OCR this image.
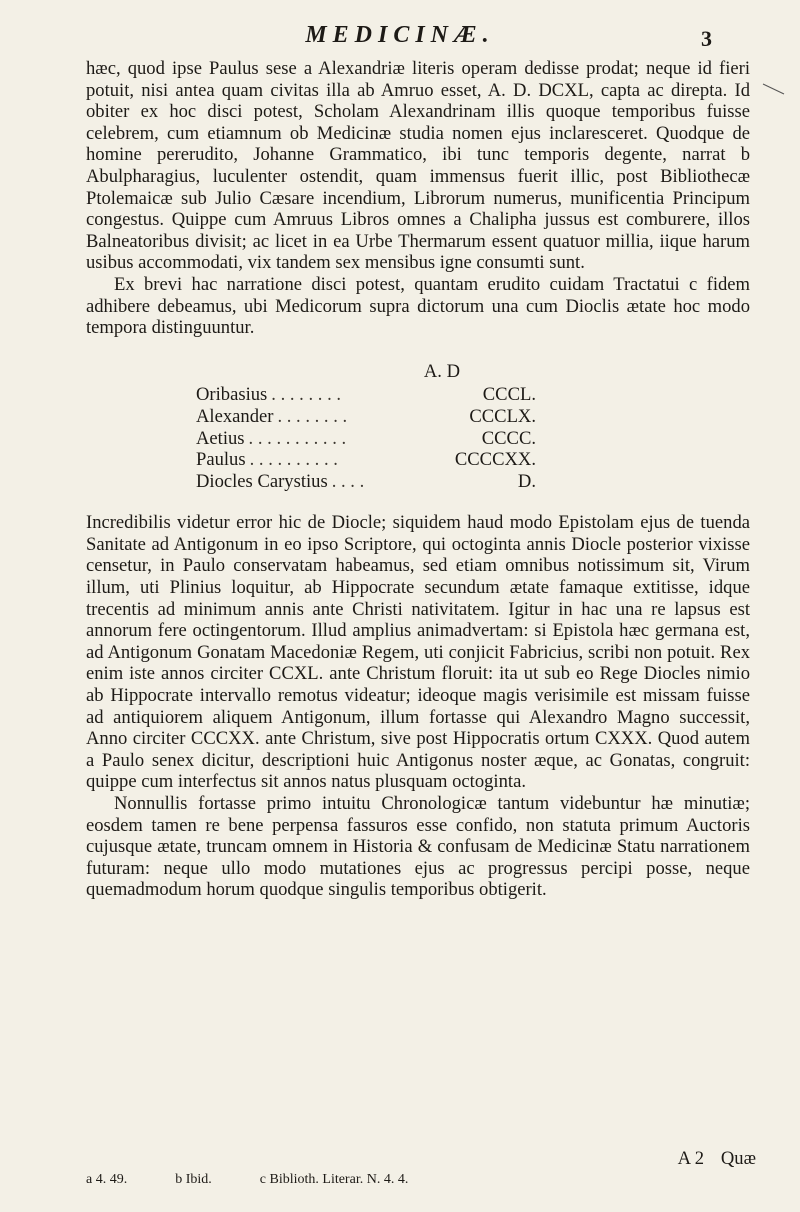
MEDICINÆ.	3

hæc, quod ipse Paulus sese a Alexandriæ literis operam dedisse prodat; neque id fieri potuit, nisi antea quam civitas illa ab Amruo esset, A. D. DCXL, capta ac direpta. Id obiter ex hoc disci potest, Scholam Alexandrinam illis quoque temporibus fuisse celebrem, cum etiamnum ob Medicinæ studia nomen ejus inclaresceret. Quodque de homine pererudito, Johanne Grammatico, ibi tunc temporis degente, narrat b Abulpharagius, luculenter ostendit, quam immensus fuerit illic, post Bibliothecæ Ptolemaicæ sub Julio Cæsare incendium, Librorum numerus, munificentia Principum congestus. Quippe cum Amruus Libros omnes a Chalipha jussus est comburere, illos Balneatoribus divisit; ac licet in ea Urbe Thermarum essent quatuor millia, iique harum usibus accommodati, vix tandem sex mensibus igne consumti sunt.

Ex brevi hac narratione disci potest, quantam erudito cuidam Tractatui c fidem adhibere debeamus, ubi Medicorum supra dictorum una cum Dioclis ætate hoc modo tempora distinguuntur.

A. D
Oribasius . . . . . . . .	CCCL.
Alexander . . . . . . . .	CCCLX.
Aetius . . . . . . . . . . .	CCCC.
Paulus . . . . . . . . . .	CCCCXX.
Diocles Carystius . . . .	D.

Incredibilis videtur error hic de Diocle; siquidem haud modo Epistolam ejus de tuenda Sanitate ad Antigonum in eo ipso Scriptore, qui octoginta annis Diocle posterior vixisse censetur, in Paulo conservatam habeamus, sed etiam omnibus notissimum sit, Virum illum, uti Plinius loquitur, ab Hippocrate secundum ætate famaque extitisse, idque trecentis ad minimum annis ante Christi nativitatem. Igitur in hac una re lapsus est annorum fere octingentorum. Illud amplius animadvertam: si Epistola hæc germana est, ad Antigonum Gonatam Macedoniæ Regem, uti conjicit Fabricius, scribi non potuit. Rex enim iste annos circiter CCXL. ante Christum floruit: ita ut sub eo Rege Diocles nimio ab Hippocrate intervallo remotus videatur; ideoque magis verisimile est missam fuisse ad antiquiorem aliquem Antigonum, illum fortasse qui Alexandro Magno successit, Anno circiter CCCXX. ante Christum, sive post Hippocratis ortum CXXX. Quod autem a Paulo senex dicitur, descriptioni huic Antigonus noster æque, ac Gonatas, congruit: quippe cum interfectus sit annos natus plusquam octoginta.

Nonnullis fortasse primo intuitu Chronologicæ tantum videbuntur hæ minutiæ; eosdem tamen re bene perpensa fassuros esse confido, non statuta primum Auctoris cujusque ætate, truncam omnem in Historia & confusam de Medicinæ Statu narrationem futuram: neque ullo modo mutationes ejus ac progressus percipi posse, neque quemadmodum horum quodque singulis temporibus obtigerit.

A 2 Quæ
a 4. 49.	b Ibid.	c Biblioth. Literar. N. 4. 4.
